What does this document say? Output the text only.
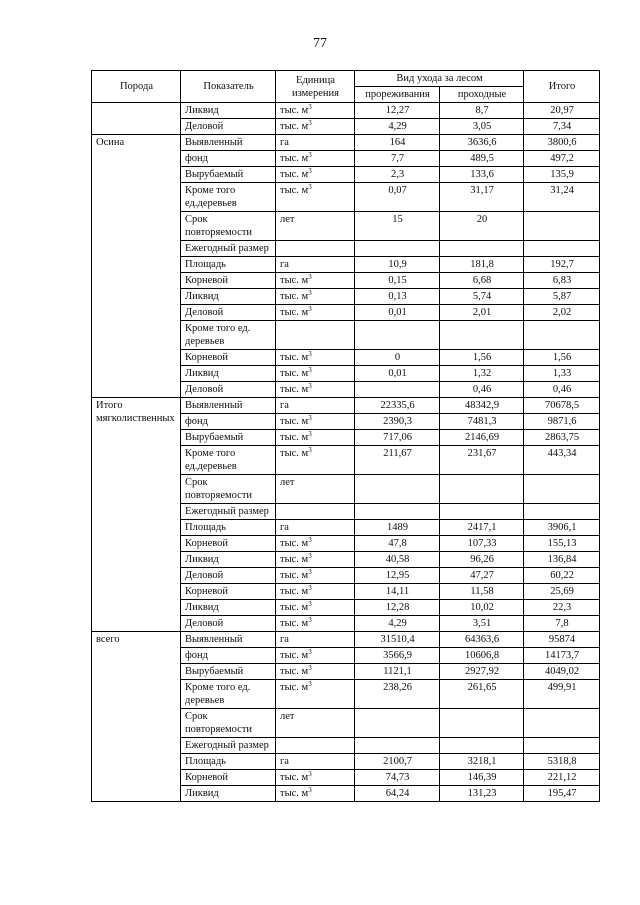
77
Порода	Показатель	Единица измерения	Вид ухода за лесом		Итого
			прореживания	проходные	
	Ликвид	тыс. $м^3$	12,27	8,7	20,97
	Деловой	тыс. $м^3$	4,29	3,05	7,34
Осина	Выявленный	га	164	3636,6	3800,6
	фонд	тыс. $м^3$	7,7	489,5	497,2
	Вырубаемый	тыс. $м^3$	2,3	133,6	135,9
	Кроме того ед.деревьев	тыс. $м^3$	0,07	31,17	31,24
	Срок повторяемости	лет	15	20	
	Ежегодный размер				
	Площадь	га	10,9	181,8	192,7
	Корневой	тыс. $м^3$	0,15	6,68	6,83
	Ликвид	тыс. $м^3$	0,13	5,74	5,87
	Деловой	тыс. $м^3$	0,01	2,01	2,02
	Кроме того ед. деревьев				
	Корневой	тыс. $м^3$	0	1,56	1,56
	Ликвид	тыс. $м^3$	0,01	1,32	1,33
	Деловой	тыс. $м^3$		0,46	0,46
Итого мягколиственных	Выявленный	га	22335,6	48342,9	70678,5
	фонд	тыс. $м^3$	2390,3	7481,3	9871,6
	Вырубаемый	тыс. $м^3$	717,06	2146,69	2863,75
	Кроме того ед.деревьев	тыс. $м^3$	211,67	231,67	443,34
	Срок повторяемости	лет			
	Ежегодный размер				
	Площадь	га	1489	2417,1	3906,1
	Корневой	тыс. $м^3$	47,8	107,33	155,13
	Ликвид	тыс. $м^3$	40,58	96,26	136,84
	Деловой	тыс. $м^3$	12,95	47,27	60,22
	Корневой	тыс. $м^3$	14,11	11,58	25,69
	Ликвид	тыс. $м^3$	12,28	10,02	22,3
	Деловой	тыс. $м^3$	4,29	3,51	7,8
всего	Выявленный	га	31510,4	64363,6	95874
	фонд	тыс. $м^3$	3566,9	10606,8	14173,7
	Вырубаемый	тыс. $м^3$	1121,1	2927,92	4049,02
	Кроме того ед. деревьев	тыс. $м^3$	238,26	261,65	499,91
	Срок повторяемости	лет			
	Ежегодный размер				
	Площадь	га	2100,7	3218,1	5318,8
	Корневой	тыс. $м^3$	74,73	146,39	221,12
	Ликвид	тыс. $м^3$	64,24	131,23	195,47
